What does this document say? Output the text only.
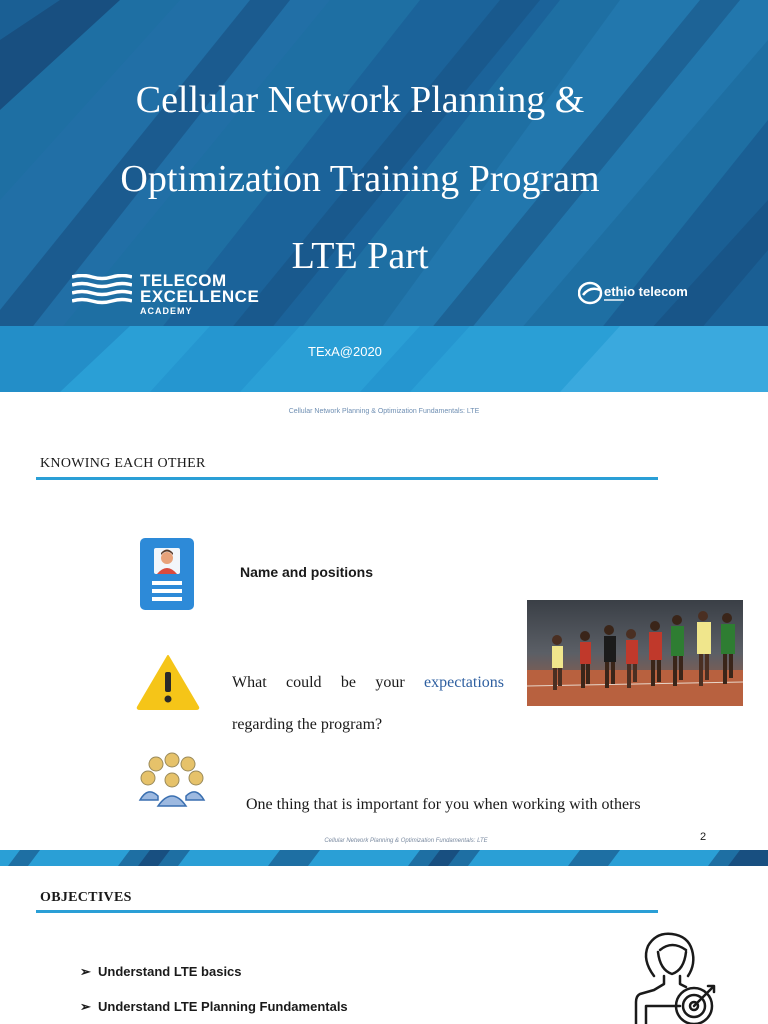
Cellular Network Planning &
Optimization Training Program
LTE Part
TELECOM
EXCELLENCE
ACADEMY
ethio telecom
TExA@2020
Cellular Network Planning & Optimization Fundamentals: LTE
KNOWING EACH OTHER
Name and positions
What could be your expectations
regarding the program?
One thing that is important for you when working with others
Cellular Network Planning & Optimization Fundamentals: LTE	2
OBJECTIVES
➢ Understand LTE basics
➢ Understand LTE Planning Fundamentals
